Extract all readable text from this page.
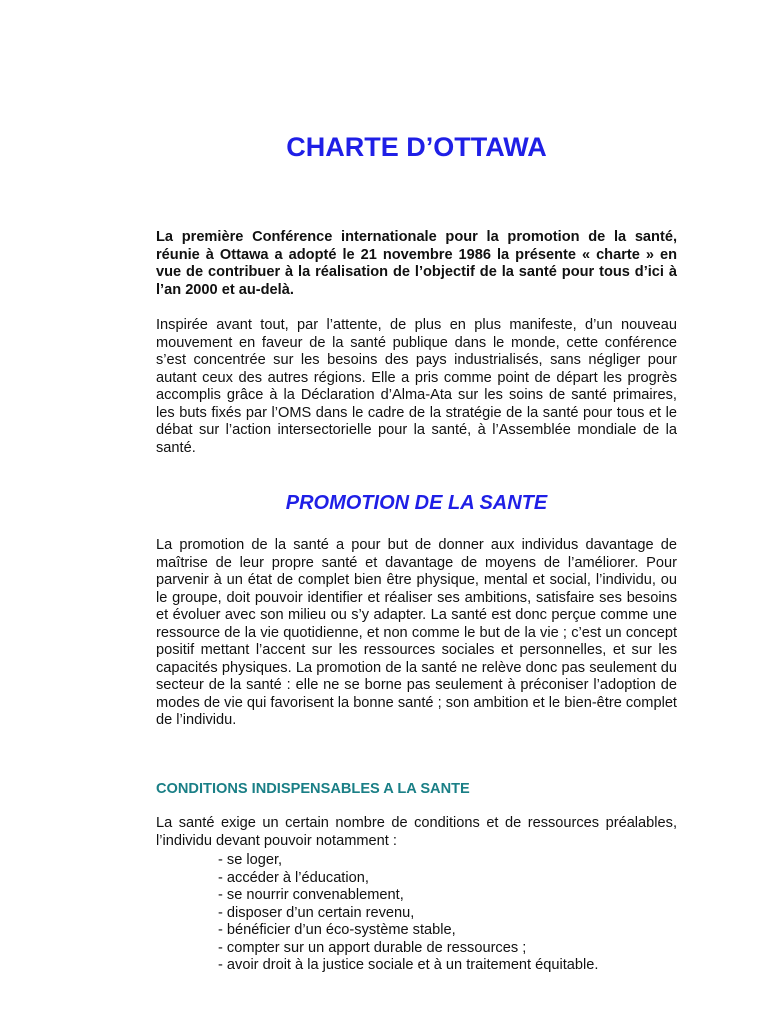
CHARTE D’OTTAWA

La première Conférence internationale pour la promotion de la santé, réunie à Ottawa a adopté le 21 novembre 1986 la présente « charte » en vue de contribuer à la réalisation de l’objectif de la santé pour tous d’ici à l’an 2000 et au-delà.

Inspirée avant tout, par l’attente, de plus en plus manifeste, d’un nouveau mouvement en faveur de la santé publique dans le monde, cette conférence s’est concentrée sur les besoins des pays industrialisés, sans négliger pour autant ceux des autres régions. Elle a pris comme point de départ les progrès accomplis grâce à la Déclaration d’Alma-Ata sur les soins de santé primaires, les buts fixés par l’OMS dans le cadre de la stratégie de la santé pour tous et le débat sur l’action intersectorielle pour la santé, à l’Assemblée mondiale de la santé.

PROMOTION DE LA SANTE

La promotion de la santé a pour but de donner aux individus davantage de maîtrise de leur propre santé et davantage de moyens de l’améliorer. Pour parvenir à un état de complet bien être physique, mental et social, l’individu, ou le groupe, doit pouvoir identifier et réaliser ses ambitions, satisfaire ses besoins et évoluer avec son milieu ou s’y adapter. La santé est donc perçue comme une ressource de la vie quotidienne, et non comme le but de la vie ; c’est un concept positif mettant l’accent sur les ressources sociales et personnelles, et sur les capacités physiques. La promotion de la santé ne relève donc pas seulement du secteur de la santé : elle ne se borne pas seulement à préconiser l’adoption de modes de vie qui favorisent la bonne santé ; son ambition et le bien-être complet de l’individu.

CONDITIONS INDISPENSABLES A LA SANTE

La santé exige un certain nombre de conditions et de ressources préalables, l’individu devant pouvoir notamment :

- se loger,
- accéder à l’éducation,
- se nourrir convenablement,
- disposer d’un certain revenu,
- bénéficier d’un éco-système stable,
- compter sur un apport durable de ressources ;
- avoir droit à la justice sociale et à un traitement équitable.
